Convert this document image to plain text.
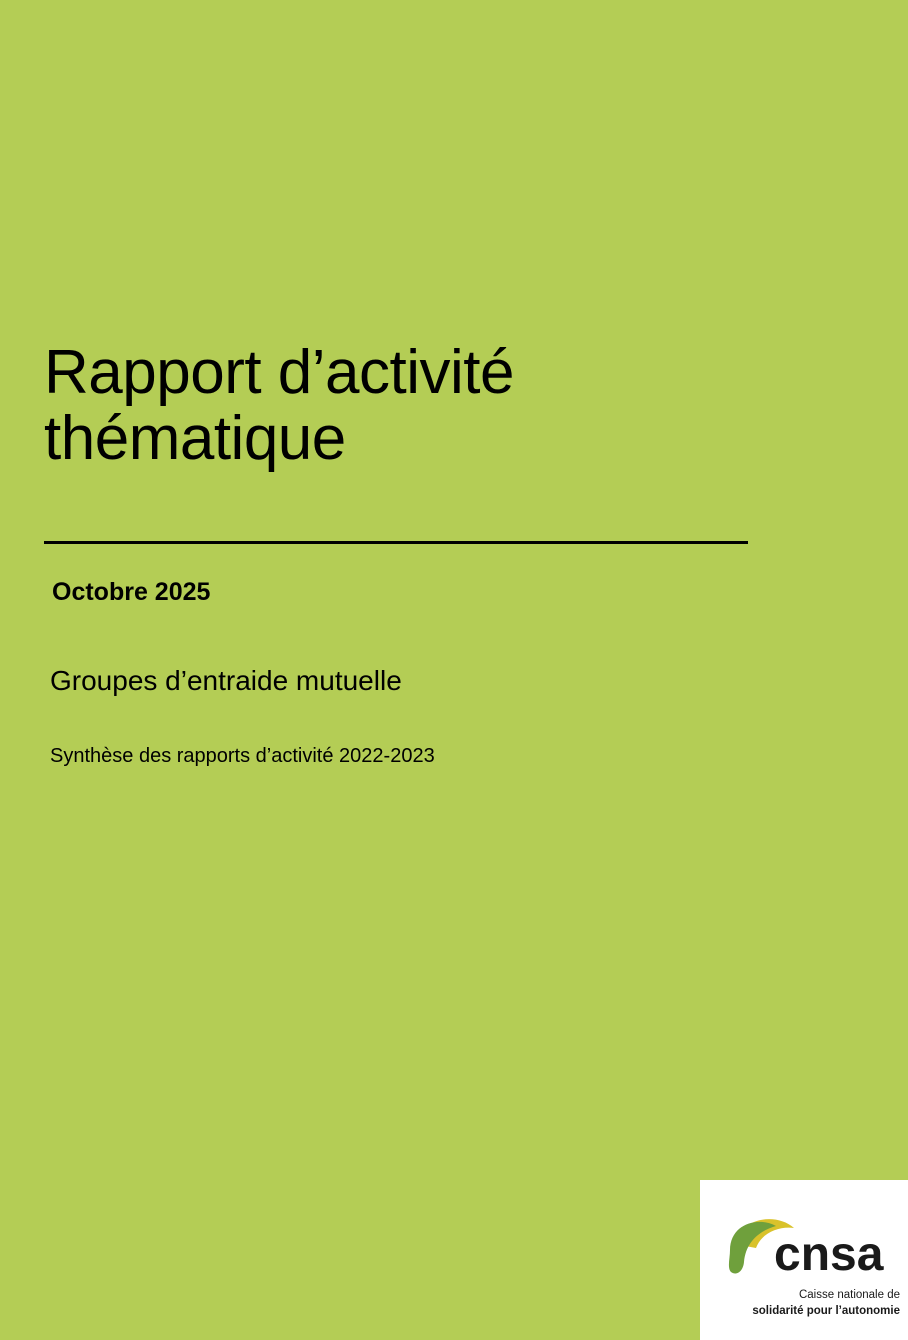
Rapport d’activité thématique
Octobre 2025
Groupes d’entraide mutuelle
Synthèse des rapports d’activité 2022-2023
cnsa
Caisse nationale de
solidarité pour l’autonomie
